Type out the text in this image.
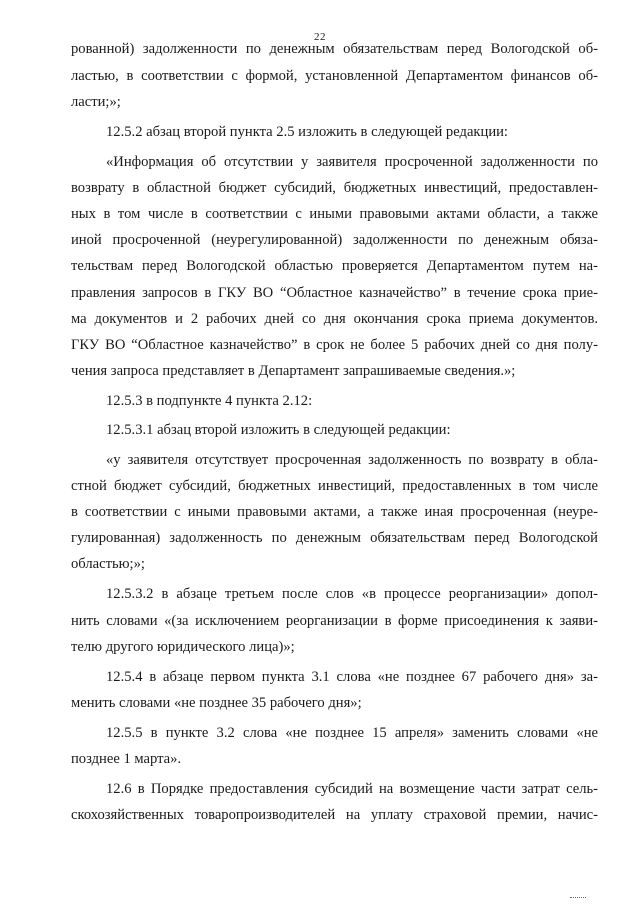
22
рованной) задолженности по денежным обязательствам перед Вологодской об-
ластью, в соответствии с формой, установленной Департаментом финансов об-
ласти;»;
12.5.2 абзац второй пункта 2.5 изложить в следующей редакции:
«Информация об отсутствии у заявителя просроченной задолженности по
возврату в областной бюджет субсидий, бюджетных инвестиций, предоставлен-
ных в том числе в соответствии с иными правовыми актами области, а также
иной просроченной (неурегулированной) задолженности по денежным обяза-
тельствам перед Вологодской областью проверяется Департаментом путем на-
правления запросов в ГКУ ВО “Областное казначейство” в течение срока прие-
ма документов и 2 рабочих дней со дня окончания срока приема документов.
ГКУ ВО “Областное казначейство” в срок не более 5 рабочих дней со дня полу-
чения запроса представляет в Департамент запрашиваемые сведения.»;
12.5.3 в подпункте 4 пункта 2.12:
12.5.3.1 абзац второй изложить в следующей редакции:
«у заявителя отсутствует просроченная задолженность по возврату в обла-
стной бюджет субсидий, бюджетных инвестиций, предоставленных в том числе
в соответствии с иными правовыми актами, а также иная просроченная (неуре-
гулированная) задолженность по денежным обязательствам перед Вологодской
областью;»;
12.5.3.2 в абзаце третьем после слов «в процессе реорганизации» допол-
нить словами «(за исключением реорганизации в форме присоединения к заяви-
телю другого юридического лица)»;
12.5.4 в абзаце первом пункта 3.1 слова «не позднее 67 рабочего дня» за-
менить словами «не позднее 35 рабочего дня»;
12.5.5 в пункте 3.2 слова «не позднее 15 апреля» заменить словами «не
позднее 1 марта».
12.6 в Порядке предоставления субсидий на возмещение части затрат сель-
скохозяйственных товаропроизводителей на уплату страховой премии, начис-
